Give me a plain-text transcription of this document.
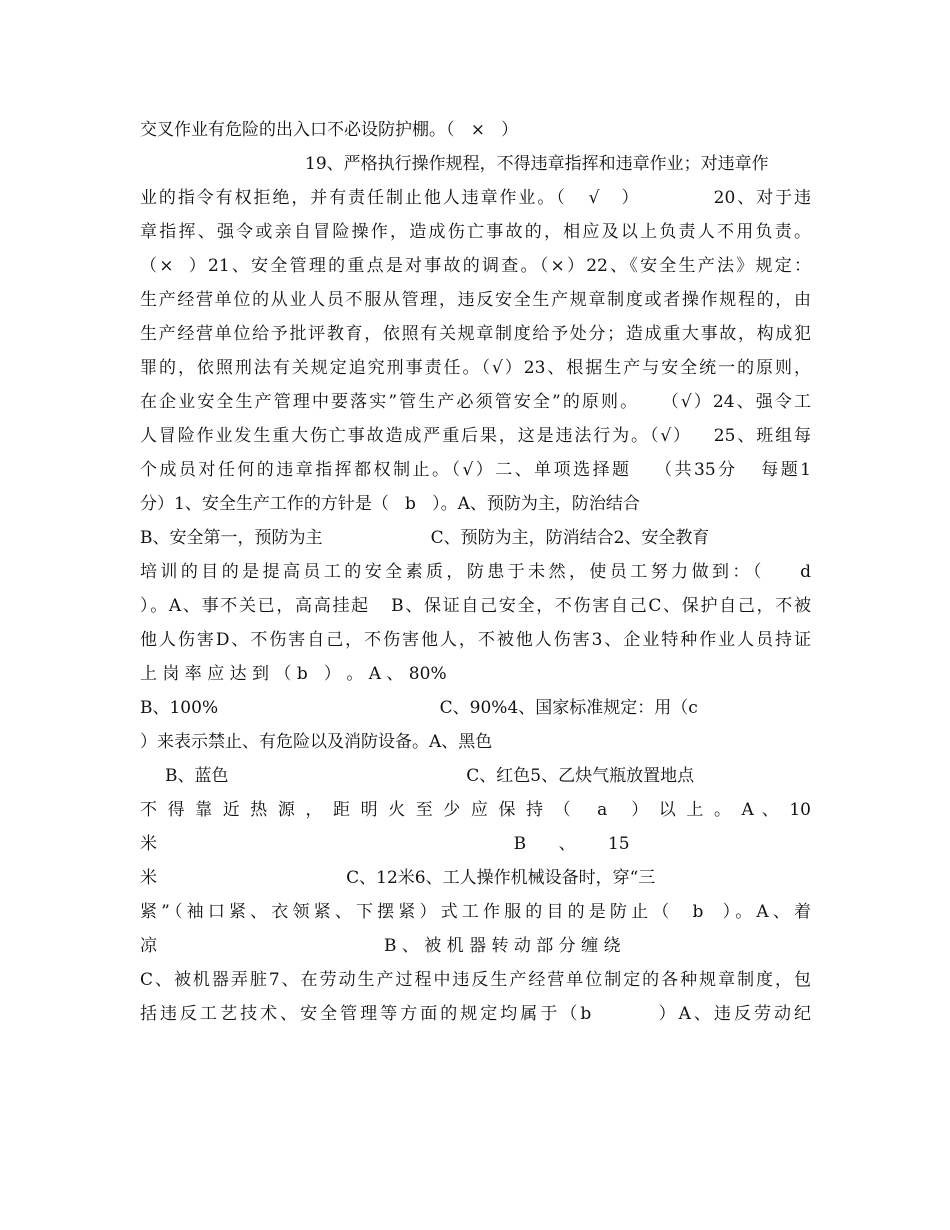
交叉作业有危险的出入口不必设防护棚。（   ×   ）
19、严格执行操作规程，不得违章指挥和违章作业；对违章作
业的指令有权拒绝，并有责任制止他人违章作业。（   √   ）          20、对于违
章指挥、强令或亲自冒险操作，造成伤亡事故的，相应及以上负责人不用负责。
（×  ）21、安全管理的重点是对事故的调查。（×）22、《安全生产法》规定：
生产经营单位的从业人员不服从管理，违反安全生产规章制度或者操作规程的，由
生产经营单位给予批评教育，依照有关规章制度给予处分；造成重大事故，构成犯
罪的，依照刑法有关规定追究刑事责任。（√）23、根据生产与安全统一的原则，
在企业安全生产管理中要落实”管生产必须管安全”的原则。   （√）24、强令工
人冒险作业发生重大伤亡事故造成严重后果，这是违法行为。（√）   25、班组每
个成员对任何的违章指挥都权制止。（√）二、单项选择题   （共35分   每题1
分）1、安全生产工作的方针是（   b   ）。A、预防为主，防治结合
B、安全第一，预防为主                    C、预防为主，防消结合2、安全教育
培训的目的是提高员工的安全素质，防患于未然，使员工努力做到：（    d
）。A、事不关已，高高挂起   B、保证自己安全，不伤害自己C、保护自己，不被
他人伤害D、不伤害自己，不伤害他人，不被他人伤害3、企业特种作业人员持证
上 岗 率 应 达 到 （ b   ） 。 A 、 80%
B、100%                                         C、90%4、国家标准规定：用（c
）来表示禁止、有危险以及消防设备。A、黑色
B、蓝色                                            C、红色5、乙炔气瓶放置地点
不 得 靠 近 热 源 ， 距 明 火 至 少 应 保 持 （   a   ） 以 上 。 A 、 10
米                                                                  B      、      15
米                                   C、12米6、工人操作机械设备时，穿“三
紧”（袖口紧、衣领紧、下摆紧）式工作服的目的是防止（  b  ）。A、着
凉                                          B 、 被 机 器 转 动 部 分 缠 绕
C、被机器弄脏7、在劳动生产过程中违反生产经营单位制定的各种规章制度，包
括违反工艺技术、安全管理等方面的规定均属于（b        ）A、违反劳动纪
